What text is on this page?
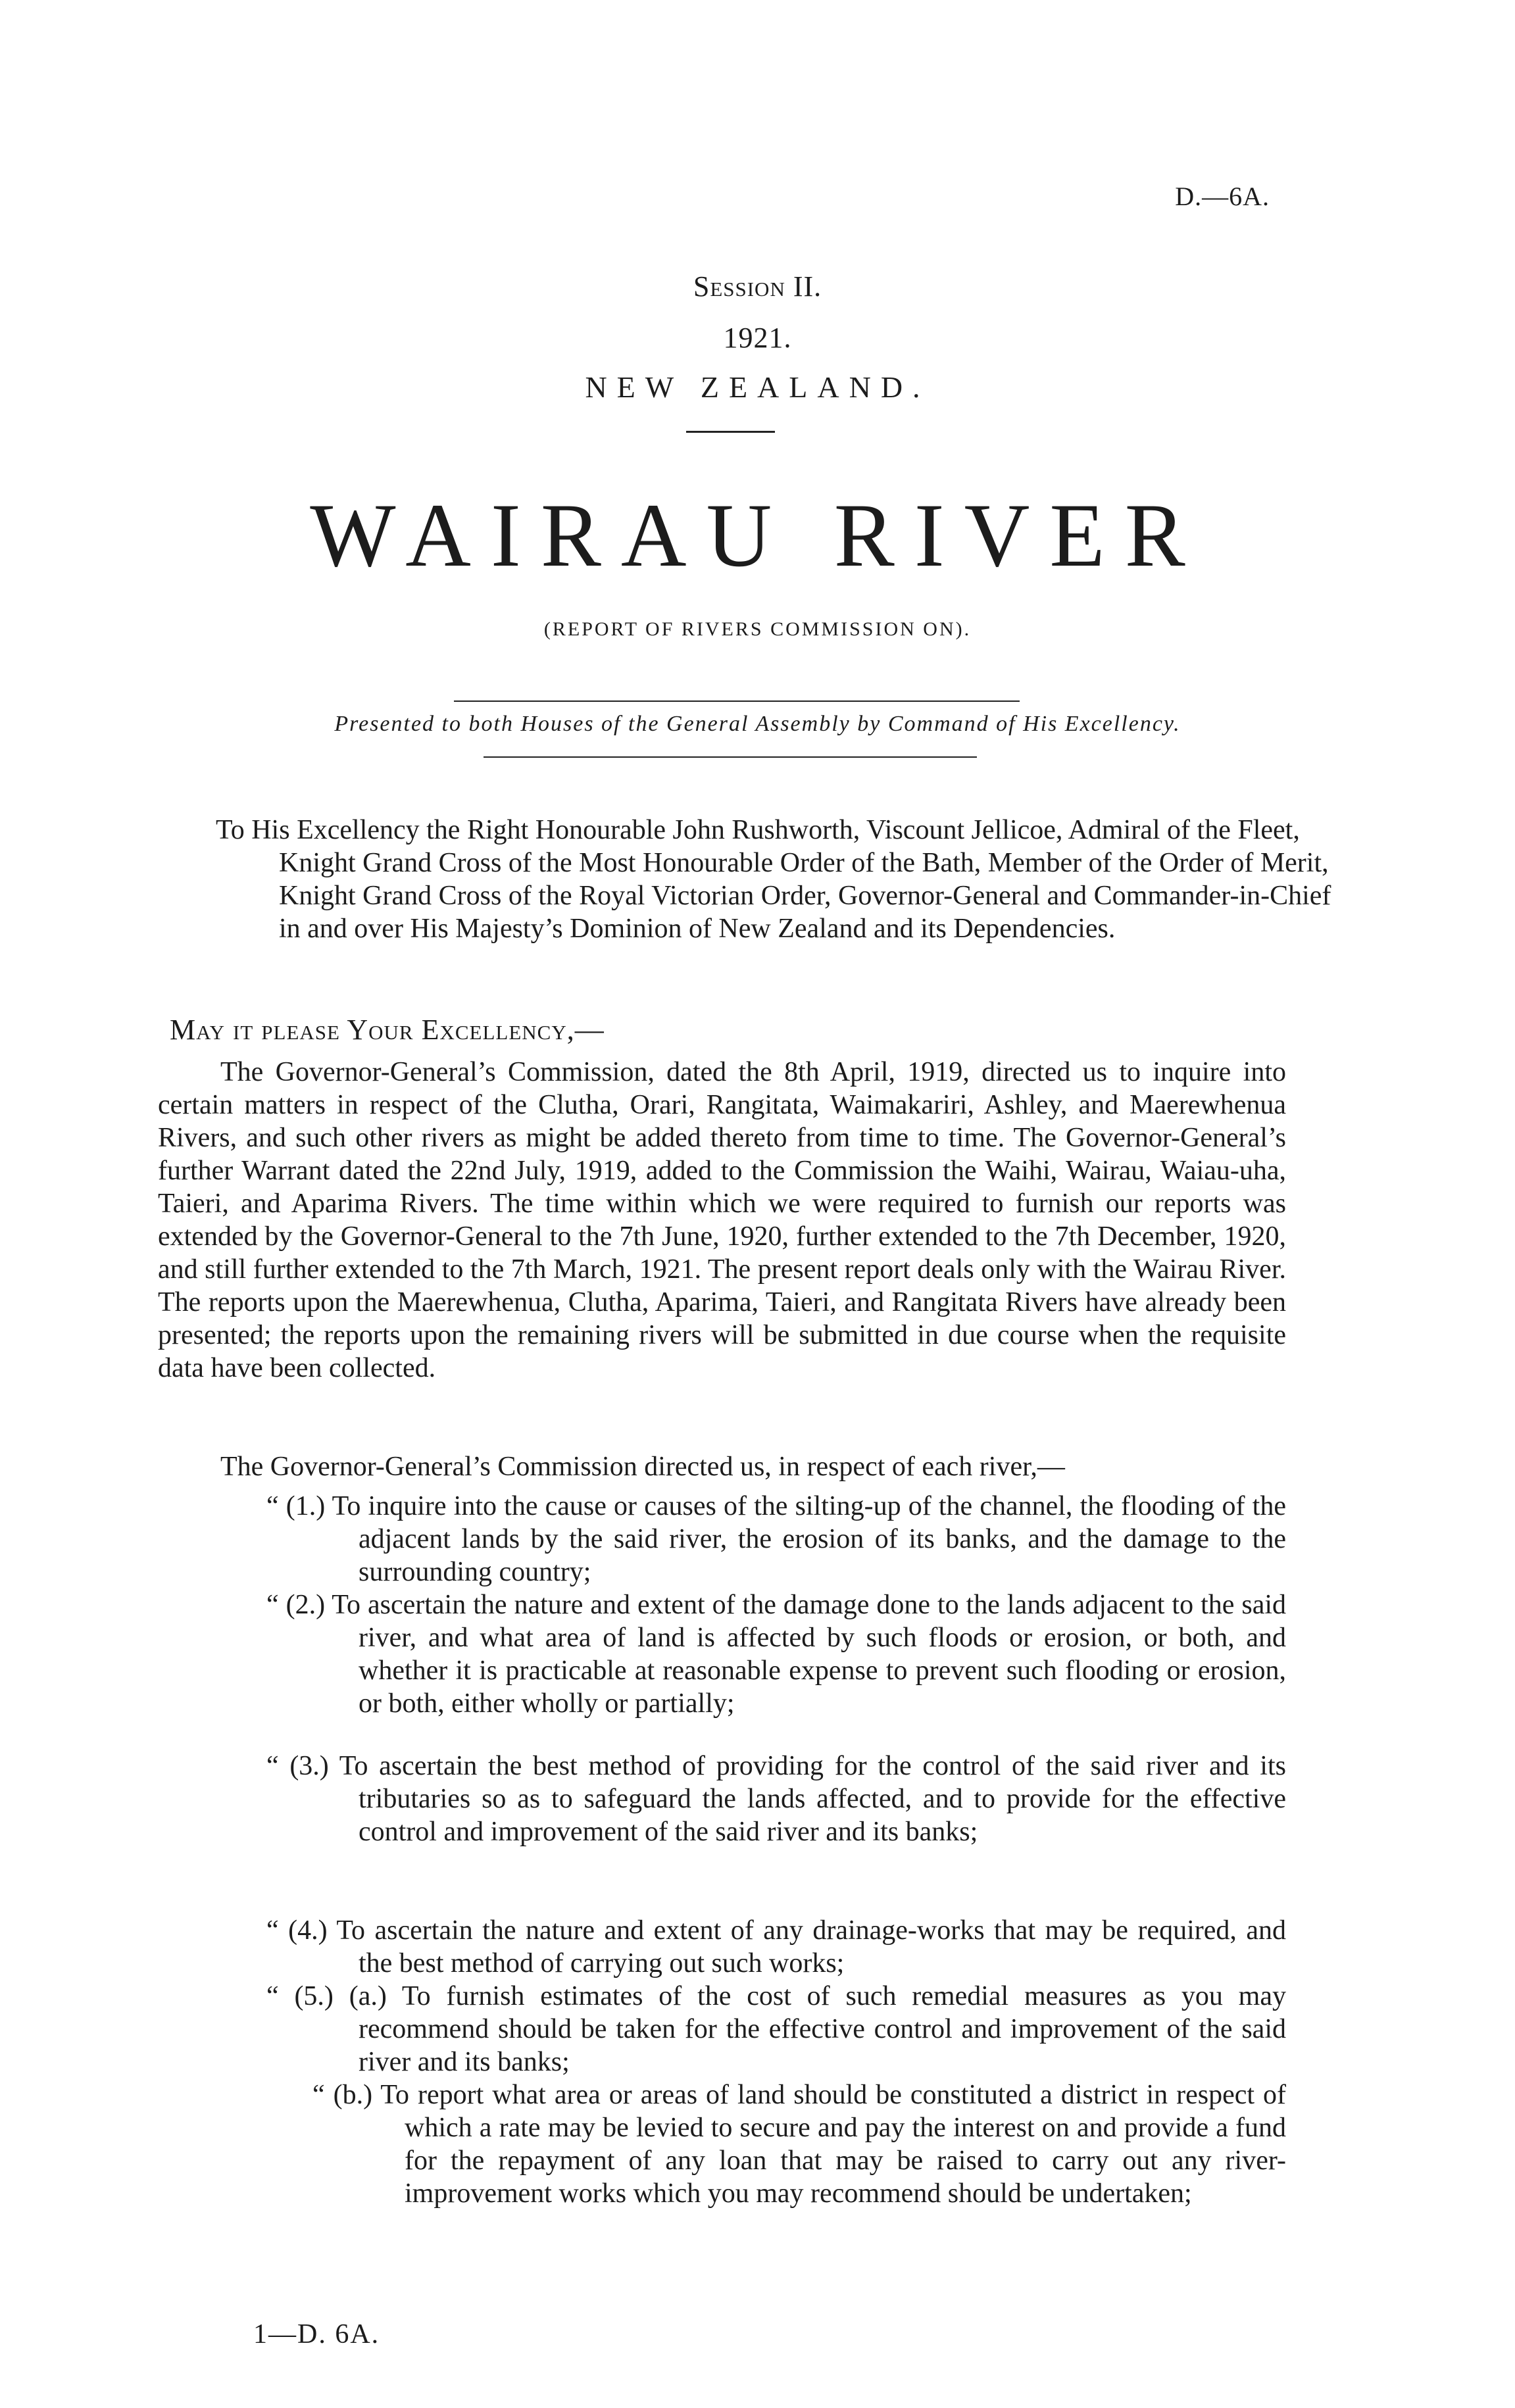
D.—6A.

Session II.

1921.

NEW ZEALAND.

WAIRAU RIVER

(REPORT OF RIVERS COMMISSION ON).

Presented to both Houses of the General Assembly by Command of His Excellency.

To His Excellency the Right Honourable John Rushworth, Viscount Jellicoe, Admiral of the Fleet, Knight Grand Cross of the Most Honourable Order of the Bath, Member of the Order of Merit, Knight Grand Cross of the Royal Victorian Order, Governor-General and Commander-in-Chief in and over His Majesty’s Dominion of New Zealand and its Dependencies.

May it please Your Excellency,—

The Governor-General’s Commission, dated the 8th April, 1919, directed us to inquire into certain matters in respect of the Clutha, Orari, Rangitata, Waimakariri, Ashley, and Maerewhenua Rivers, and such other rivers as might be added thereto from time to time. The Governor-General’s further Warrant dated the 22nd July, 1919, added to the Commission the Waihi, Wairau, Waiau-uha, Taieri, and Aparima Rivers. The time within which we were required to furnish our reports was extended by the Governor-General to the 7th June, 1920, further extended to the 7th December, 1920, and still further extended to the 7th March, 1921. The present report deals only with the Wairau River. The reports upon the Maerewhenua, Clutha, Aparima, Taieri, and Rangitata Rivers have already been presented; the reports upon the remaining rivers will be submitted in due course when the requisite data have been collected.

The Governor-General’s Commission directed us, in respect of each river,—

“ (1.) To inquire into the cause or causes of the silting-up of the channel, the flooding of the adjacent lands by the said river, the erosion of its banks, and the damage to the surrounding country;
“ (2.) To ascertain the nature and extent of the damage done to the lands adjacent to the said river, and what area of land is affected by such floods or erosion, or both, and whether it is practicable at reasonable expense to prevent such flooding or erosion, or both, either wholly or partially;
“ (3.) To ascertain the best method of providing for the control of the said river and its tributaries so as to safeguard the lands affected, and to provide for the effective control and improvement of the said river and its banks;
“ (4.) To ascertain the nature and extent of any drainage-works that may be required, and the best method of carrying out such works;
“ (5.) (a.) To furnish estimates of the cost of such remedial measures as you may recommend should be taken for the effective control and improvement of the said river and its banks;
“ (b.) To report what area or areas of land should be constituted a district in respect of which a rate may be levied to secure and pay the interest on and provide a fund for the repayment of any loan that may be raised to carry out any river-improvement works which you may recommend should be undertaken;

1—D. 6A.
